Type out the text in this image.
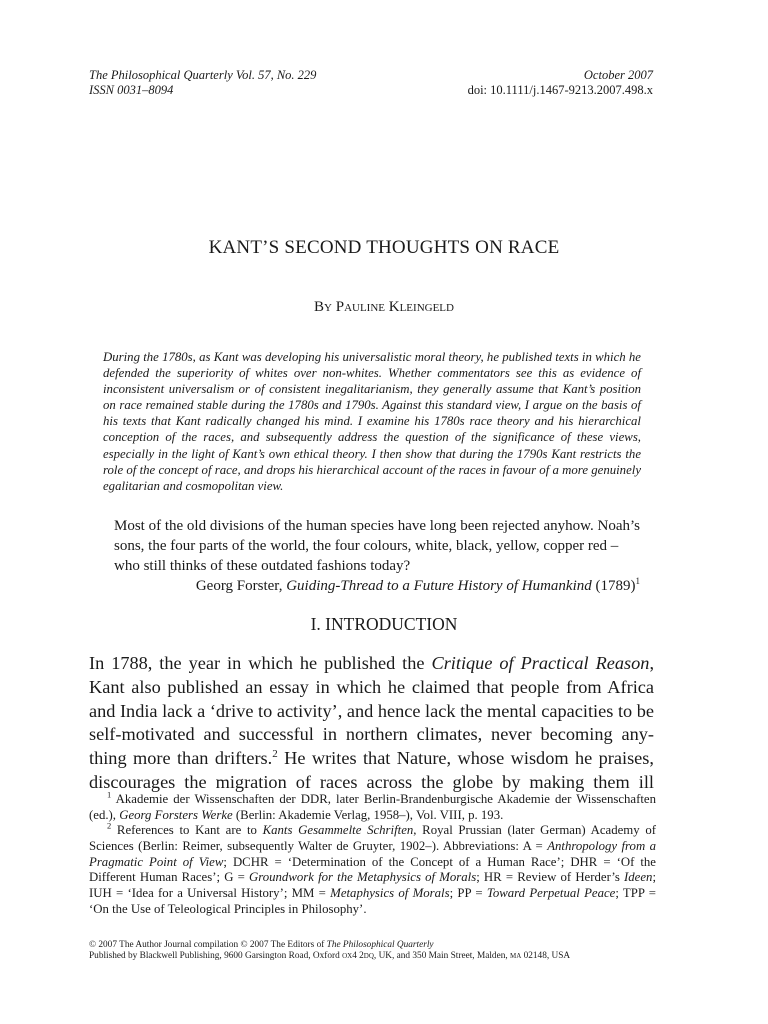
The Philosophical Quarterly Vol. 57, No. 229
ISSN 0031–8094
October 2007
doi: 10.1111/j.1467-9213.2007.498.x
KANT’S SECOND THOUGHTS ON RACE
By Pauline Kleingeld
During the 1780s, as Kant was developing his universalistic moral theory, he published texts in which he defended the superiority of whites over non-whites. Whether commentators see this as evidence of inconsistent universalism or of consistent inegalitarianism, they generally assume that Kant’s position on race remained stable during the 1780s and 1790s. Against this standard view, I argue on the basis of his texts that Kant radically changed his mind. I examine his 1780s race theory and his hierarchical conception of the races, and subsequently address the question of the significance of these views, especially in the light of Kant’s own ethical theory. I then show that during the 1790s Kant restricts the role of the concept of race, and drops his hierarchical account of the races in favour of a more genuinely egalitarian and cosmopolitan view.
Most of the old divisions of the human species have long been rejected anyhow. Noah’s sons, the four parts of the world, the four colours, white, black, yellow, copper red – who still thinks of these outdated fashions today?
Georg Forster, Guiding-Thread to a Future History of Humankind $(1789)^1$
I. INTRODUCTION
In 1788, the year in which he published the Critique of Practical Reason, Kant also published an essay in which he claimed that people from Africa and India lack a ‘drive to activity’, and hence lack the mental capacities to be self-motivated and successful in northern climates, never becoming any-thing more than drifters.$^2$ He writes that Nature, whose wisdom he praises, discourages the migration of races across the globe by making them ill
$^1$ Akademie der Wissenschaften der DDR, later Berlin-Brandenburgische Akademie der Wissenschaften (ed.), Georg Forsters Werke (Berlin: Akademie Verlag, 1958–), Vol. VIII, p. 193.
$^2$ References to Kant are to Kants Gesammelte Schriften, Royal Prussian (later German) Academy of Sciences (Berlin: Reimer, subsequently Walter de Gruyter, 1902–). Abbreviations: A = Anthropology from a Pragmatic Point of View; DCHR = ‘Determination of the Concept of a Human Race’; DHR = ‘Of the Different Human Races’; G = Groundwork for the Metaphysics of Morals; HR = Review of Herder’s Ideen; IUH = ‘Idea for a Universal History’; MM = Metaphysics of Morals; PP = Toward Perpetual Peace; TPP = ‘On the Use of Teleological Principles in Philosophy’.
© 2007 The Author Journal compilation © 2007 The Editors of The Philosophical Quarterly
Published by Blackwell Publishing, 9600 Garsington Road, Oxford ox4 2dq, UK, and 350 Main Street, Malden, ma 02148, USA
